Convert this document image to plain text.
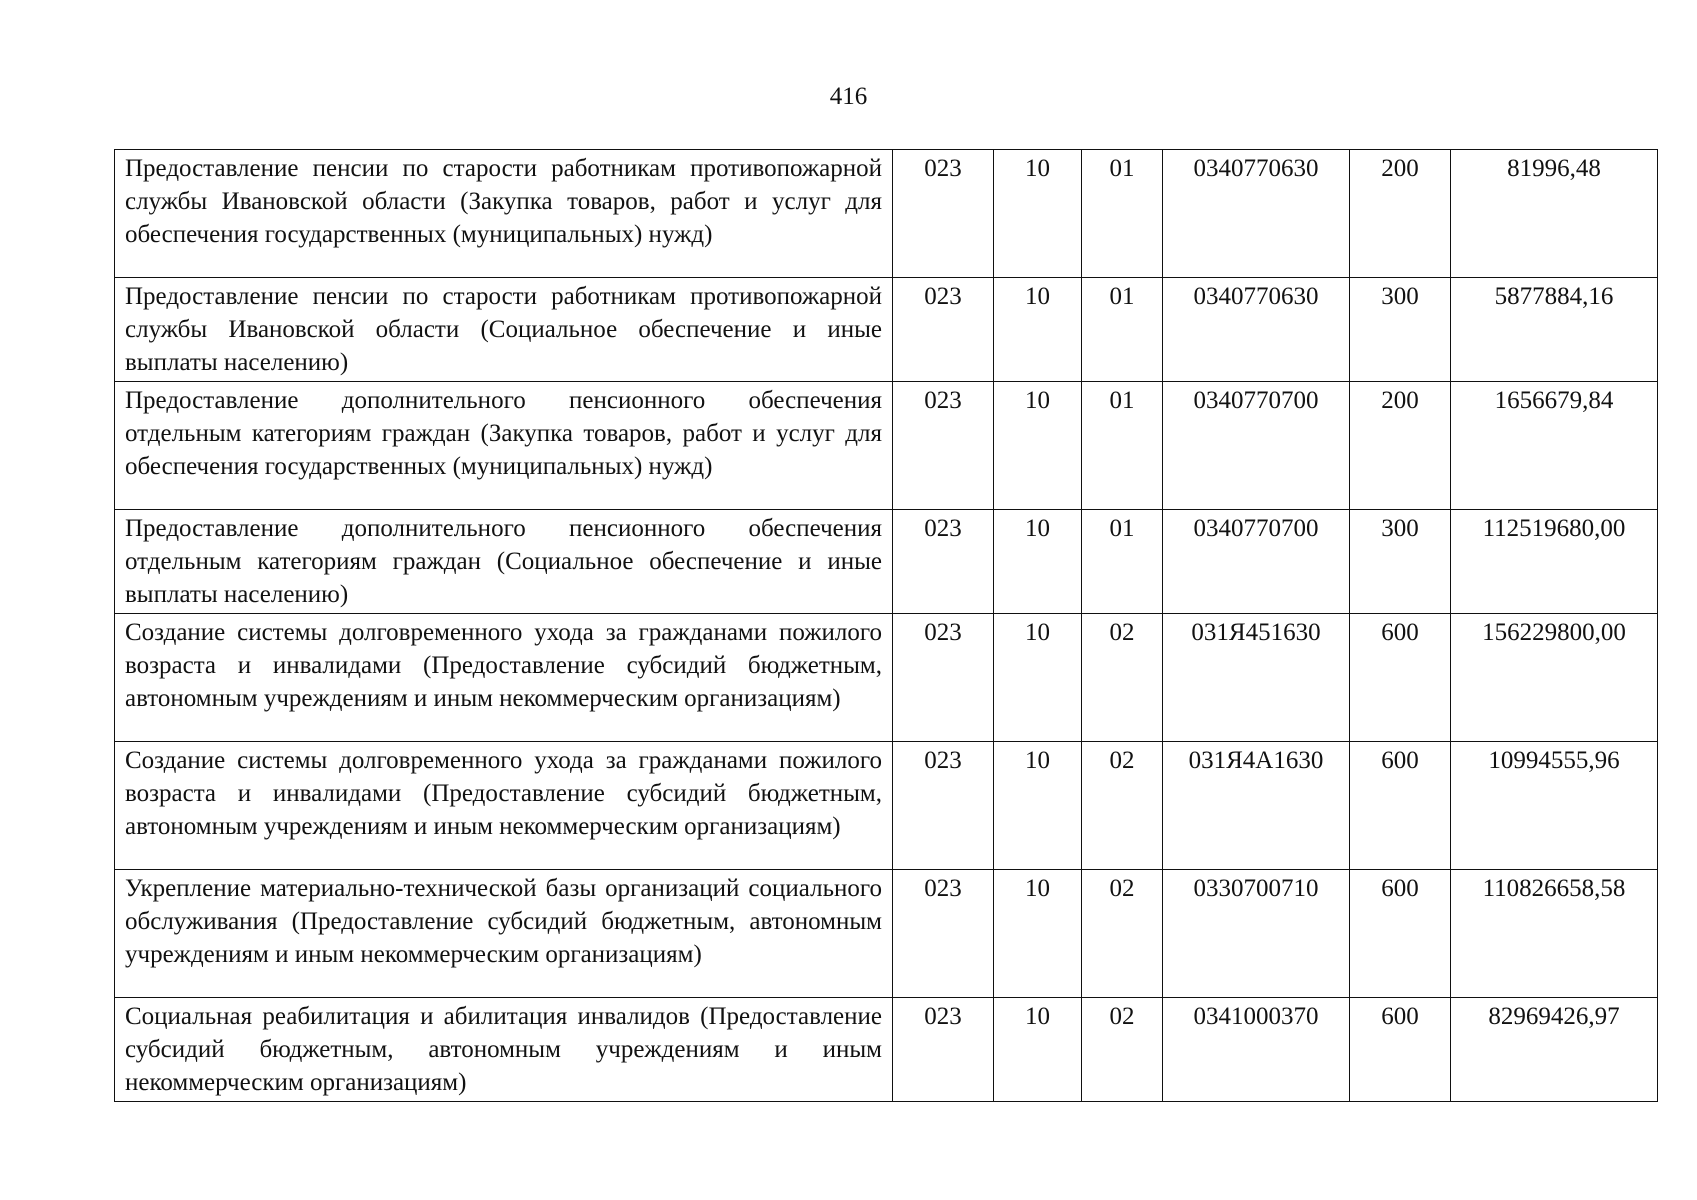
416
Предоставление пенсии по старости работникам противопожарной службы Ивановской области (Закупка товаров, работ и услуг для обеспечения государственных (муниципальных) нужд)	023	10	01	0340770630	200	81996,48
Предоставление пенсии по старости работникам противопожарной службы Ивановской области (Социальное обеспечение и иные выплаты населению)	023	10	01	0340770630	300	5877884,16
Предоставление дополнительного пенсионного обеспечения отдельным категориям граждан (Закупка товаров, работ и услуг для обеспечения государственных (муниципальных) нужд)	023	10	01	0340770700	200	1656679,84
Предоставление дополнительного пенсионного обеспечения отдельным категориям граждан (Социальное обеспечение и иные выплаты населению)	023	10	01	0340770700	300	112519680,00
Создание системы долговременного ухода за гражданами пожилого возраста и инвалидами (Предоставление субсидий бюджетным, автономным учреждениям и иным некоммерческим организациям)	023	10	02	031Я451630	600	156229800,00
Создание системы долговременного ухода за гражданами пожилого возраста и инвалидами (Предоставление субсидий бюджетным, автономным учреждениям и иным некоммерческим организациям)	023	10	02	031Я4А1630	600	10994555,96
Укрепление материально-технической базы организаций социального обслуживания (Предоставление субсидий бюджетным, автономным учреждениям и иным некоммерческим организациям)	023	10	02	0330700710	600	110826658,58
Социальная реабилитация и абилитация инвалидов (Предоставление субсидий бюджетным, автономным учреждениям и иным некоммерческим организациям)	023	10	02	0341000370	600	82969426,97
